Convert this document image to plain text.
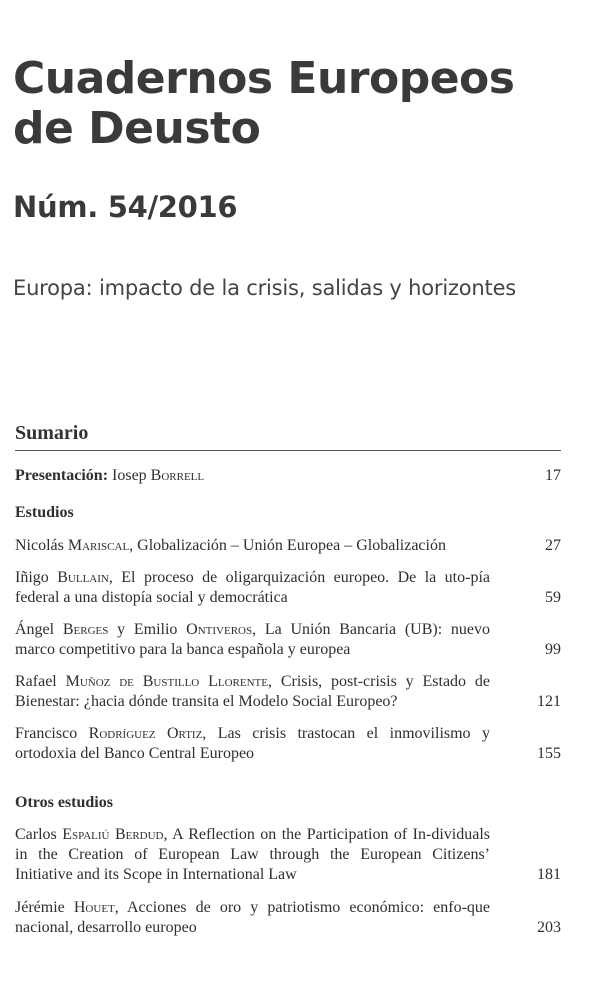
Cuadernos Europeos
de Deusto
Núm. 54/2016
Europa: impacto de la crisis, salidas y horizontes
Sumario
Presentación: Iosep Borrell	17
Estudios
Nicolás Mariscal, Globalización – Unión Europea – Globalización	27
Iñigo Bullain, El proceso de oligarquización europeo. De la uto-pía federal a una distopía social y democrática	59
Ángel Berges y Emilio Ontiveros, La Unión Bancaria (UB): nuevo marco competitivo para la banca española y europea	99
Rafael Muñoz de Bustillo Llorente, Crisis, post-crisis y Estado de Bienestar: ¿hacia dónde transita el Modelo Social Europeo?	121
Francisco Rodríguez Ortiz, Las crisis trastocan el inmovilismo y ortodoxia del Banco Central Europeo	155
Otros estudios
Carlos Espaliú Berdud, A Reflection on the Participation of In-dividuals in the Creation of European Law through the European Citizens’ Initiative and its Scope in International Law	181
Jérémie Houet, Acciones de oro y patriotismo económico: enfo-que nacional, desarrollo europeo	203
